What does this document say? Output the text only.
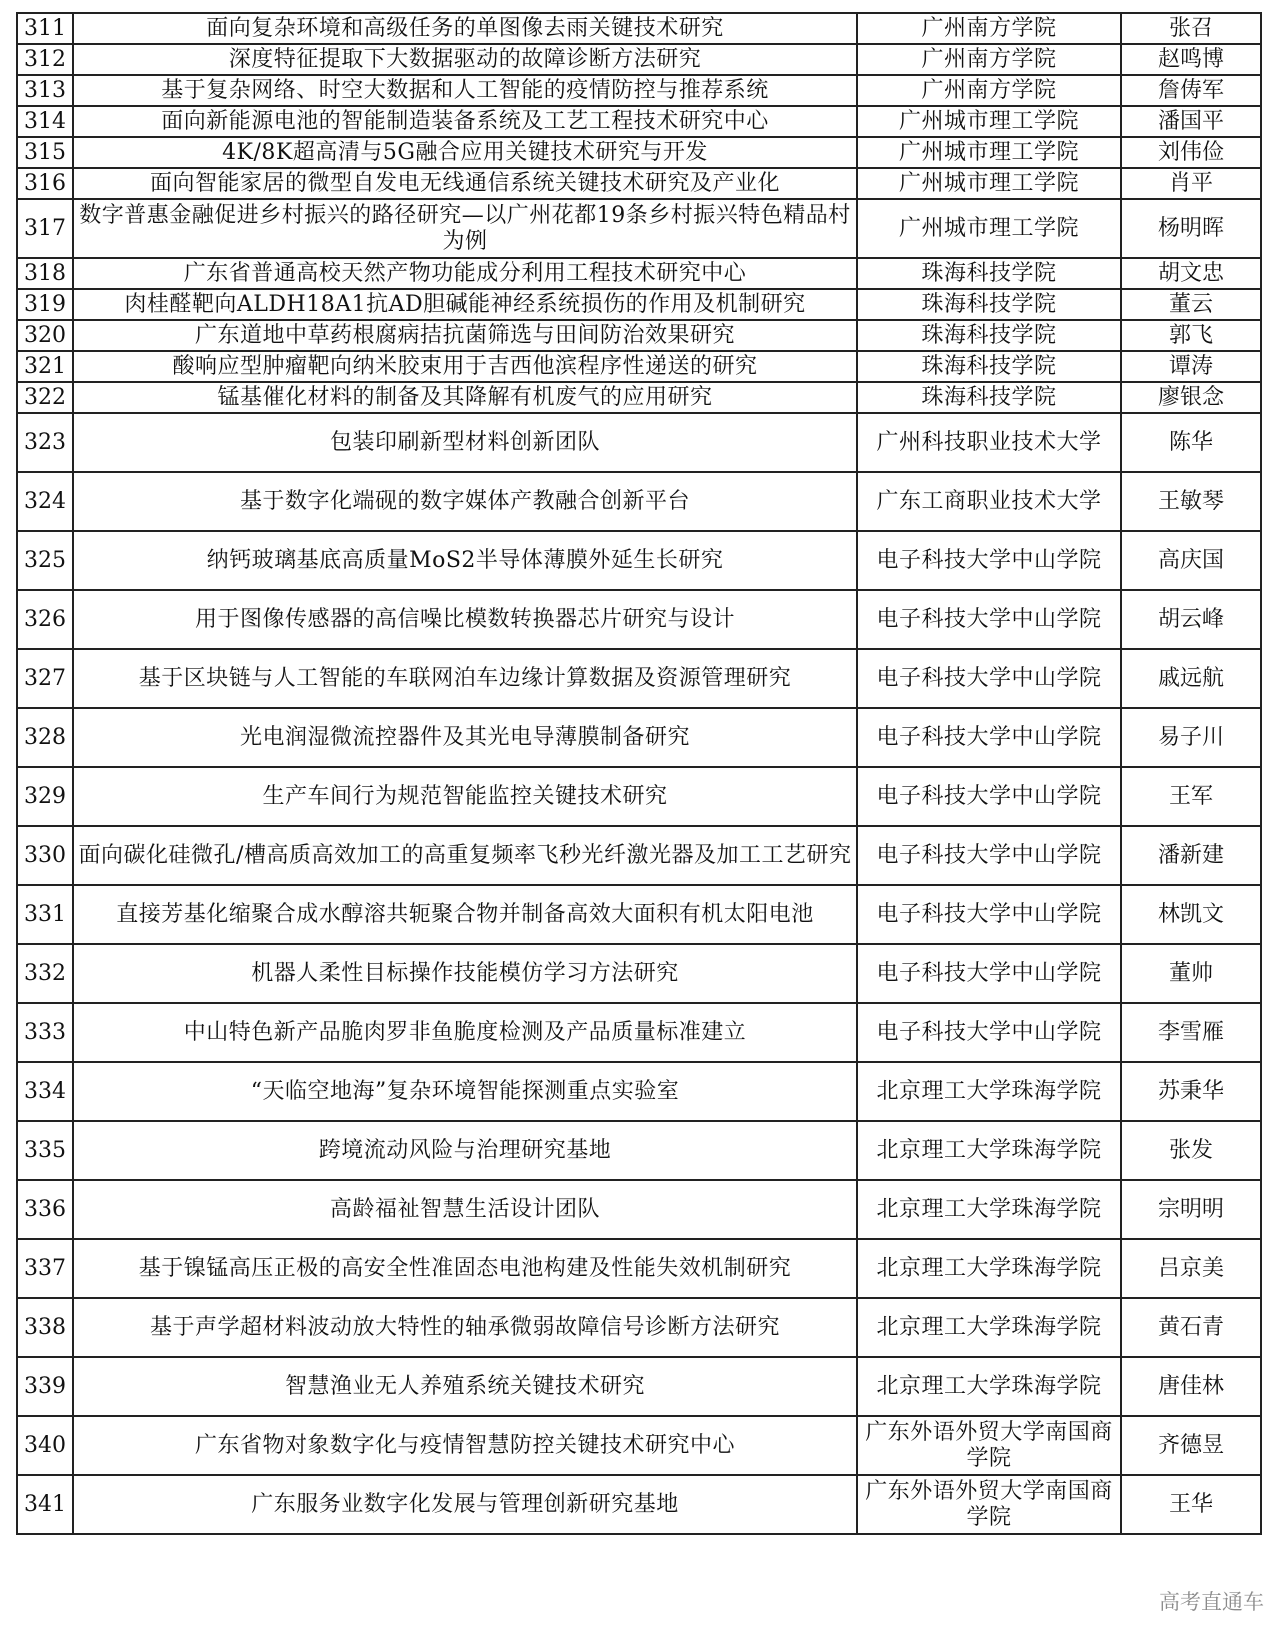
311	面向复杂环境和高级任务的单图像去雨关键技术研究	广州南方学院	张召
312	深度特征提取下大数据驱动的故障诊断方法研究	广州南方学院	赵鸣博
313	基于复杂网络、时空大数据和人工智能的疫情防控与推荐系统	广州南方学院	詹俦军
314	面向新能源电池的智能制造装备系统及工艺工程技术研究中心	广州城市理工学院	潘国平
315	4K/8K超高清与5G融合应用关键技术研究与开发	广州城市理工学院	刘伟俭
316	面向智能家居的微型自发电无线通信系统关键技术研究及产业化	广州城市理工学院	肖平
317	数字普惠金融促进乡村振兴的路径研究—以广州花都19条乡村振兴特色精品村为例	广州城市理工学院	杨明晖
318	广东省普通高校天然产物功能成分利用工程技术研究中心	珠海科技学院	胡文忠
319	肉桂醛靶向ALDH18A1抗AD胆碱能神经系统损伤的作用及机制研究	珠海科技学院	董云
320	广东道地中草药根腐病拮抗菌筛选与田间防治效果研究	珠海科技学院	郭飞
321	酸响应型肿瘤靶向纳米胶束用于吉西他滨程序性递送的研究	珠海科技学院	谭涛
322	锰基催化材料的制备及其降解有机废气的应用研究	珠海科技学院	廖银念
323	包装印刷新型材料创新团队	广州科技职业技术大学	陈华
324	基于数字化端砚的数字媒体产教融合创新平台	广东工商职业技术大学	王敏琴
325	纳钙玻璃基底高质量MoS2半导体薄膜外延生长研究	电子科技大学中山学院	高庆国
326	用于图像传感器的高信噪比模数转换器芯片研究与设计	电子科技大学中山学院	胡云峰
327	基于区块链与人工智能的车联网泊车边缘计算数据及资源管理研究	电子科技大学中山学院	戚远航
328	光电润湿微流控器件及其光电导薄膜制备研究	电子科技大学中山学院	易子川
329	生产车间行为规范智能监控关键技术研究	电子科技大学中山学院	王军
330	面向碳化硅微孔/槽高质高效加工的高重复频率飞秒光纤激光器及加工工艺研究	电子科技大学中山学院	潘新建
331	直接芳基化缩聚合成水醇溶共轭聚合物并制备高效大面积有机太阳电池	电子科技大学中山学院	林凯文
332	机器人柔性目标操作技能模仿学习方法研究	电子科技大学中山学院	董帅
333	中山特色新产品脆肉罗非鱼脆度检测及产品质量标准建立	电子科技大学中山学院	李雪雁
334	“天临空地海”复杂环境智能探测重点实验室	北京理工大学珠海学院	苏秉华
335	跨境流动风险与治理研究基地	北京理工大学珠海学院	张发
336	高龄福祉智慧生活设计团队	北京理工大学珠海学院	宗明明
337	基于镍锰高压正极的高安全性准固态电池构建及性能失效机制研究	北京理工大学珠海学院	吕京美
338	基于声学超材料波动放大特性的轴承微弱故障信号诊断方法研究	北京理工大学珠海学院	黄石青
339	智慧渔业无人养殖系统关键技术研究	北京理工大学珠海学院	唐佳林
340	广东省物对象数字化与疫情智慧防控关键技术研究中心	广东外语外贸大学南国商学院	齐德昱
341	广东服务业数字化发展与管理创新研究基地	广东外语外贸大学南国商学院	王华
高考直通车
